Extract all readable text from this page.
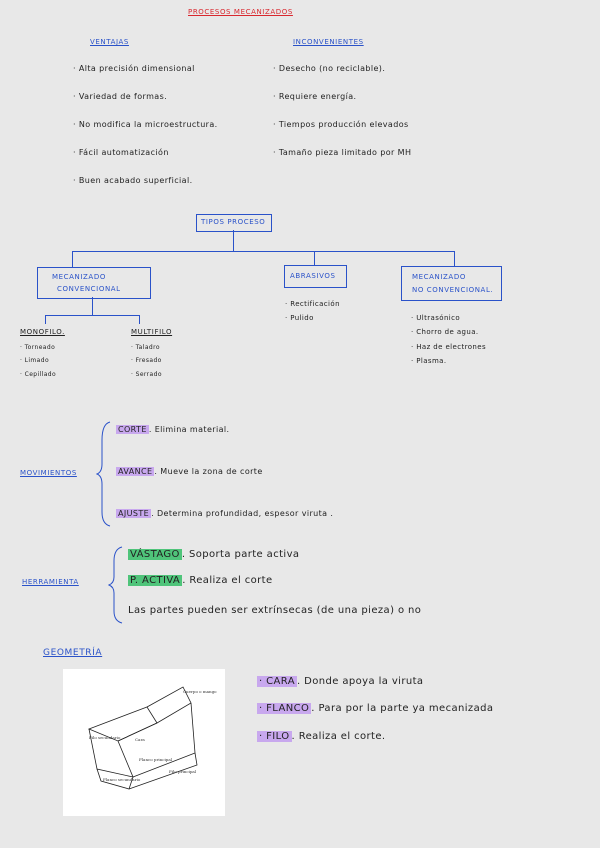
PROCESOS MECANIZADOS
VENTAJAS
· Alta precisión dimensional
· Variedad de formas.
· No modifica la microestructura.
· Fácil automatización
· Buen acabado superficial.
INCONVENIENTES
· Desecho (no reciclable).
· Requiere energía.
· Tiempos producción elevados
· Tamaño pieza limitado por MH
TIPOS PROCESO
MECANIZADO
CONVENCIONAL
ABRASIVOS	MECANIZADO
NO CONVENCIONAL.
MONOFILO.
· Torneado
· Limado
· Cepillado
MULTIFILO
· Taladro
· Fresado
· Serrado
· Rectificación
· Pulido	· Ultrasónico
· Chorro de agua.
· Haz de electrones
· Plasma.
MOVIMIENTOS
CORTE . Elimina material.
AVANCE . Mueve la zona de corte
AJUSTE . Determina profundidad, espesor viruta .
HERRAMIENTA
VÁSTAGO . Soporta parte activa
P. ACTIVA . Realiza el corte
Las partes pueden ser extrínsecas (de una pieza) o no
GEOMETRÍA
Cuerpo o mango
Filo secundario	Cara
Flanco principal
Flanco secundario
Filo principal
· CARA . Donde apoya la viruta
· FLANCO . Para por la parte ya mecanizada
· FILO . Realiza el corte.
